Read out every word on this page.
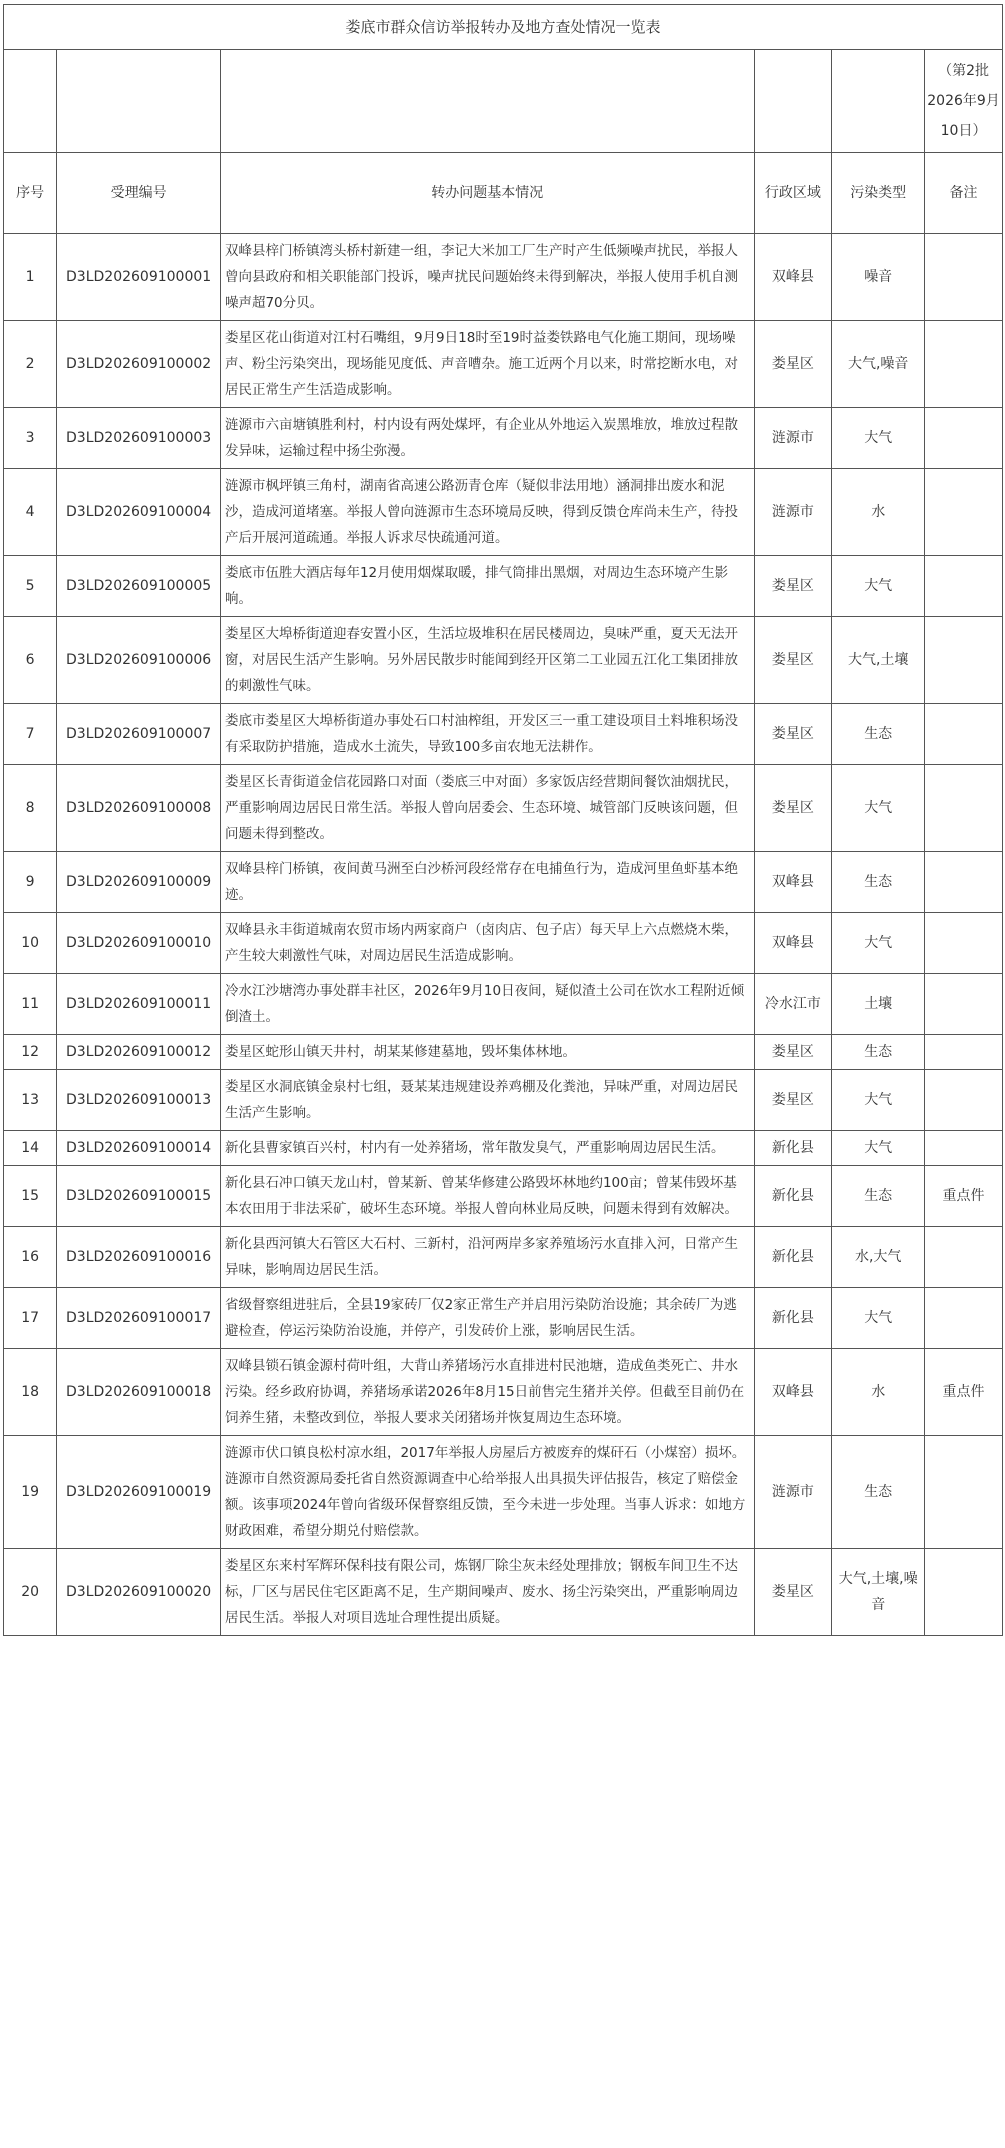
娄底市群众信访举报转办及地方查处情况一览表					
					（第2批2026年9月10日）
序号	受理编号	转办问题基本情况	行政区域	污染类型	备注
1	D3LD202609100001	双峰县梓门桥镇湾头桥村新建一组，李记大米加工厂生产时产生低频噪声扰民，举报人曾向县政府和相关职能部门投诉，噪声扰民问题始终未得到解决，举报人使用手机自测噪声超70分贝。	双峰县	噪音	
2	D3LD202609100002	娄星区花山街道对江村石嘴组，9月9日18时至19时益娄铁路电气化施工期间，现场噪声、粉尘污染突出，现场能见度低、声音嘈杂。施工近两个月以来，时常挖断水电，对居民正常生产生活造成影响。	娄星区	大气,噪音	
3	D3LD202609100003	涟源市六亩塘镇胜利村，村内设有两处煤坪，有企业从外地运入炭黑堆放，堆放过程散发异味，运输过程中扬尘弥漫。	涟源市	大气	
4	D3LD202609100004	涟源市枫坪镇三角村，湖南省高速公路沥青仓库（疑似非法用地）涵洞排出废水和泥沙，造成河道堵塞。举报人曾向涟源市生态环境局反映，得到反馈仓库尚未生产，待投产后开展河道疏通。举报人诉求尽快疏通河道。	涟源市	水	
5	D3LD202609100005	娄底市伍胜大酒店每年12月使用烟煤取暖，排气筒排出黑烟，对周边生态环境产生影响。	娄星区	大气	
6	D3LD202609100006	娄星区大埠桥街道迎春安置小区，生活垃圾堆积在居民楼周边，臭味严重，夏天无法开窗，对居民生活产生影响。另外居民散步时能闻到经开区第二工业园五江化工集团排放的刺激性气味。	娄星区	大气,土壤	
7	D3LD202609100007	娄底市娄星区大埠桥街道办事处石口村油榨组，开发区三一重工建设项目土料堆积场没有采取防护措施，造成水土流失，导致100多亩农地无法耕作。	娄星区	生态	
8	D3LD202609100008	娄星区长青街道金信花园路口对面（娄底三中对面）多家饭店经营期间餐饮油烟扰民，严重影响周边居民日常生活。举报人曾向居委会、生态环境、城管部门反映该问题，但问题未得到整改。	娄星区	大气	
9	D3LD202609100009	双峰县梓门桥镇，夜间黄马洲至白沙桥河段经常存在电捕鱼行为，造成河里鱼虾基本绝迹。	双峰县	生态	
10	D3LD202609100010	双峰县永丰街道城南农贸市场内两家商户（卤肉店、包子店）每天早上六点燃烧木柴，产生较大刺激性气味，对周边居民生活造成影响。	双峰县	大气	
11	D3LD202609100011	冷水江沙塘湾办事处群丰社区，2026年9月10日夜间，疑似渣土公司在饮水工程附近倾倒渣土。	冷水江市	土壤	
12	D3LD202609100012	娄星区蛇形山镇天井村，胡某某修建墓地，毁坏集体林地。	娄星区	生态	
13	D3LD202609100013	娄星区水洞底镇金泉村七组，聂某某违规建设养鸡棚及化粪池，异味严重，对周边居民生活产生影响。	娄星区	大气	
14	D3LD202609100014	新化县曹家镇百兴村，村内有一处养猪场，常年散发臭气，严重影响周边居民生活。	新化县	大气	
15	D3LD202609100015	新化县石冲口镇天龙山村，曾某新、曾某华修建公路毁坏林地约100亩；曾某伟毁坏基本农田用于非法采矿，破坏生态环境。举报人曾向林业局反映，问题未得到有效解决。	新化县	生态	重点件
16	D3LD202609100016	新化县西河镇大石管区大石村、三新村，沿河两岸多家养殖场污水直排入河，日常产生异味，影响周边居民生活。	新化县	水,大气	
17	D3LD202609100017	省级督察组进驻后，全县19家砖厂仅2家正常生产并启用污染防治设施；其余砖厂为逃避检查，停运污染防治设施，并停产，引发砖价上涨，影响居民生活。	新化县	大气	
18	D3LD202609100018	双峰县锁石镇金源村荷叶组，大背山养猪场污水直排进村民池塘，造成鱼类死亡、井水污染。经乡政府协调，养猪场承诺2026年8月15日前售完生猪并关停。但截至目前仍在饲养生猪，未整改到位，举报人要求关闭猪场并恢复周边生态环境。	双峰县	水	重点件
19	D3LD202609100019	涟源市伏口镇良松村凉水组，2017年举报人房屋后方被废弃的煤矸石（小煤窑）损坏。涟源市自然资源局委托省自然资源调查中心给举报人出具损失评估报告，核定了赔偿金额。该事项2024年曾向省级环保督察组反馈，至今未进一步处理。当事人诉求：如地方财政困难，希望分期兑付赔偿款。	涟源市	生态	
20	D3LD202609100020	娄星区东来村军辉环保科技有限公司，炼钢厂除尘灰未经处理排放；钢板车间卫生不达标，厂区与居民住宅区距离不足，生产期间噪声、废水、扬尘污染突出，严重影响周边居民生活。举报人对项目选址合理性提出质疑。	娄星区	大气,土壤,噪音	
